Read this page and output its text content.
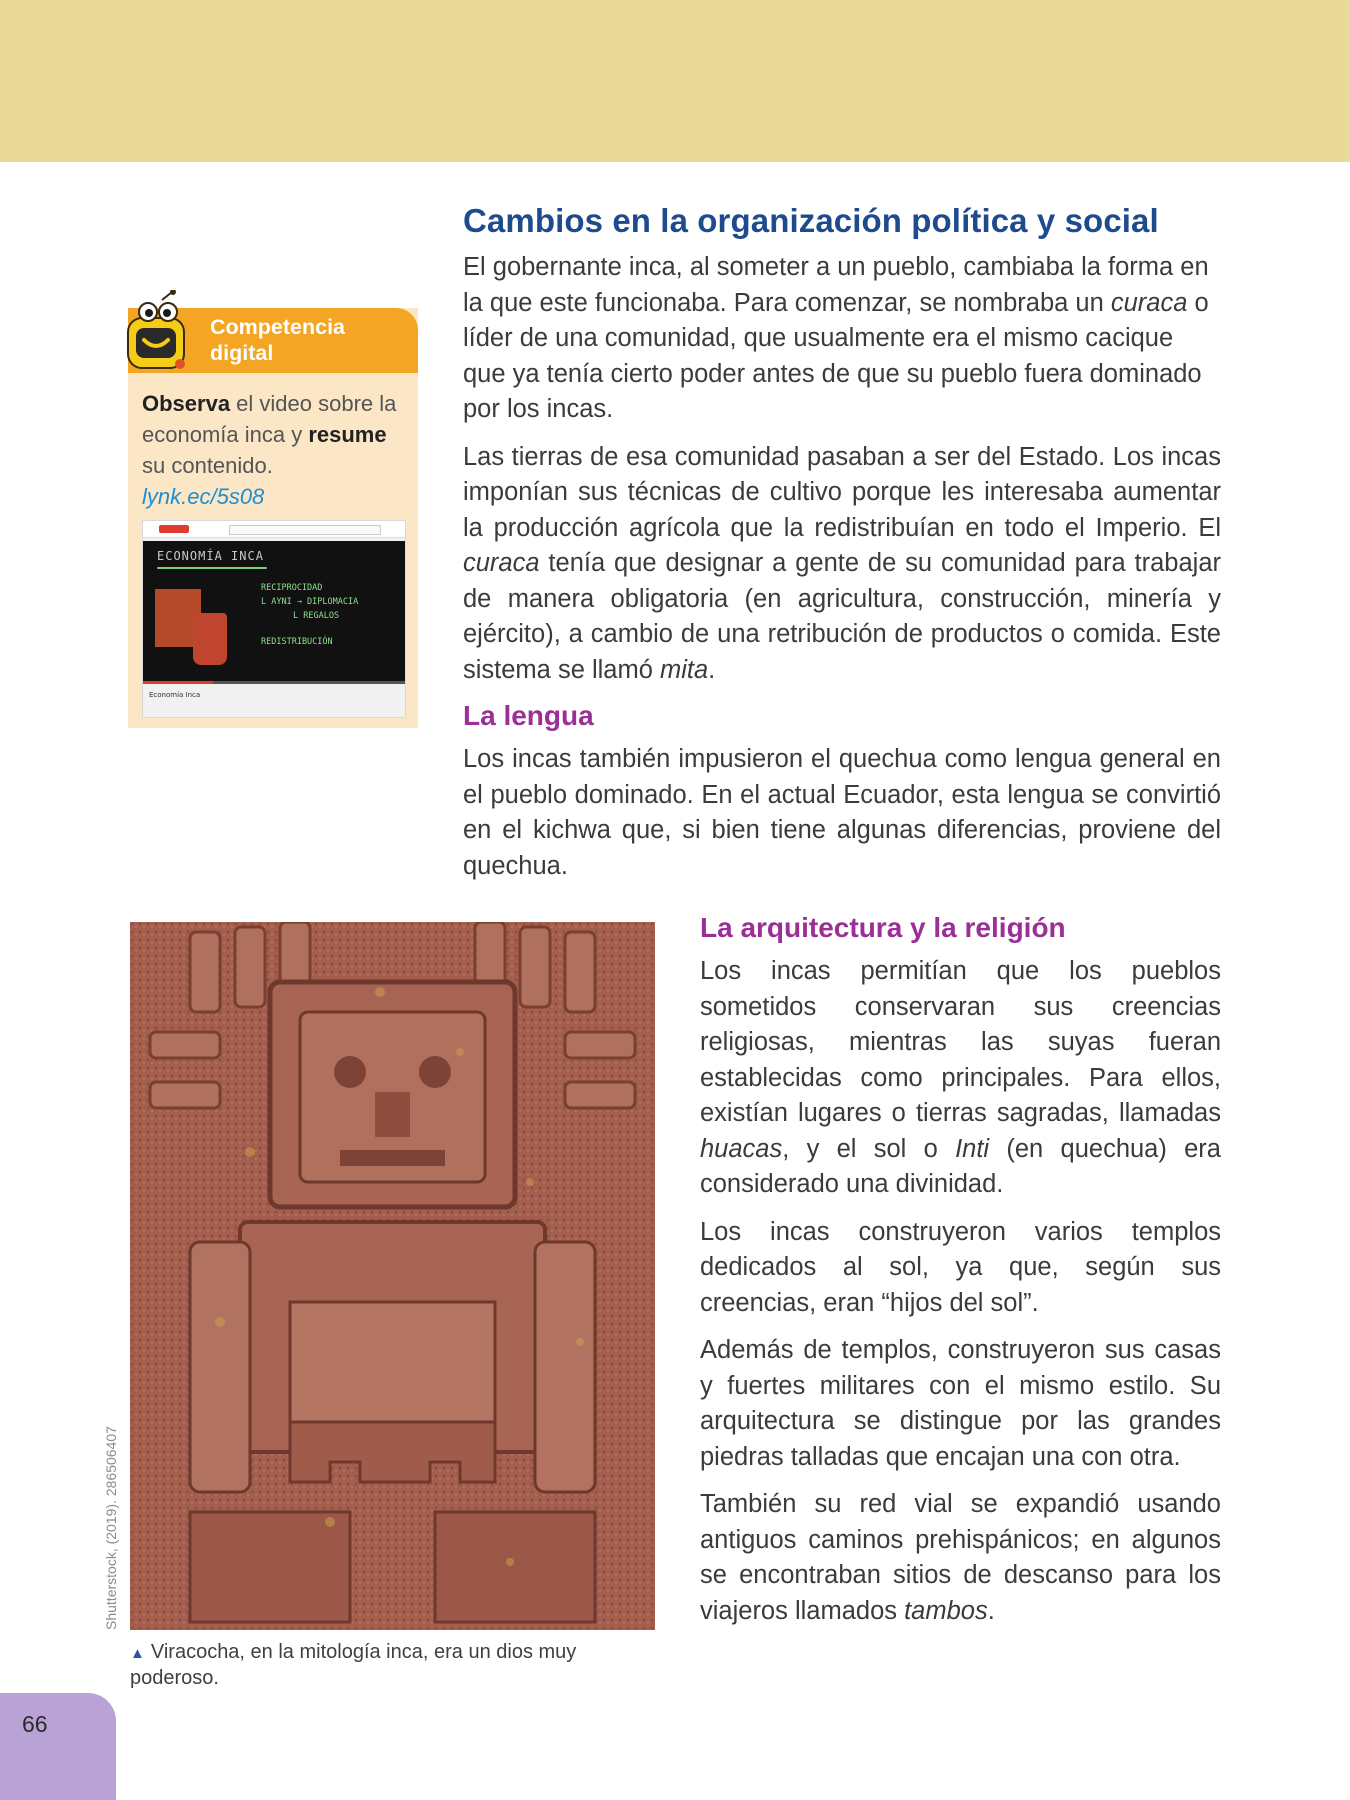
Competencia digital
Observa el video sobre la economía inca y resume su contenido.
lynk.ec/5s08
ECONOMÍA INCA
RECIPROCIDAD
L AYNI → DIPLOMACIA
L REGALOS
REDISTRIBUCIÓN
Economía Inca
Cambios en la organización política y social

El gobernante inca, al someter a un pueblo, cambiaba la forma en la que este funcionaba. Para comenzar, se nombraba un curaca o líder de una comunidad, que usualmente era el mismo cacique que ya tenía cierto poder antes de que su pueblo fuera dominado por los incas.

Las tierras de esa comunidad pasaban a ser del Estado. Los incas imponían sus técnicas de cultivo porque les interesaba aumentar la producción agrícola que la redistribuían en todo el Imperio. El curaca tenía que designar a gente de su comunidad para trabajar de manera obligatoria (en agricultura, construcción, minería y ejército), a cambio de una retribución de productos o comida. Este sistema se llamó mita.

La lengua

Los incas también impusieron el quechua como lengua general en el pueblo dominado. En el actual Ecuador, esta lengua se convirtió en el kichwa que, si bien tiene algunas diferencias, proviene del quechua.

Shutterstock, (2019). 286506407
▲ Viracocha, en la mitología inca, era un dios muy poderoso.
La arquitectura y la religión

Los incas permitían que los pueblos sometidos conservaran sus creencias religiosas, mientras las suyas fueran establecidas como principales. Para ellos, existían lugares o tierras sagradas, llamadas huacas, y el sol o Inti (en quechua) era considerado una divinidad.

Los incas construyeron varios templos dedicados al sol, ya que, según sus creencias, eran “hijos del sol”.

Además de templos, construyeron sus casas y fuertes militares con el mismo estilo. Su arquitectura se distingue por las grandes piedras talladas que encajan una con otra.

También su red vial se expandió usando antiguos caminos prehispánicos; en algunos se encontraban sitios de descanso para los viajeros llamados tambos.

66
